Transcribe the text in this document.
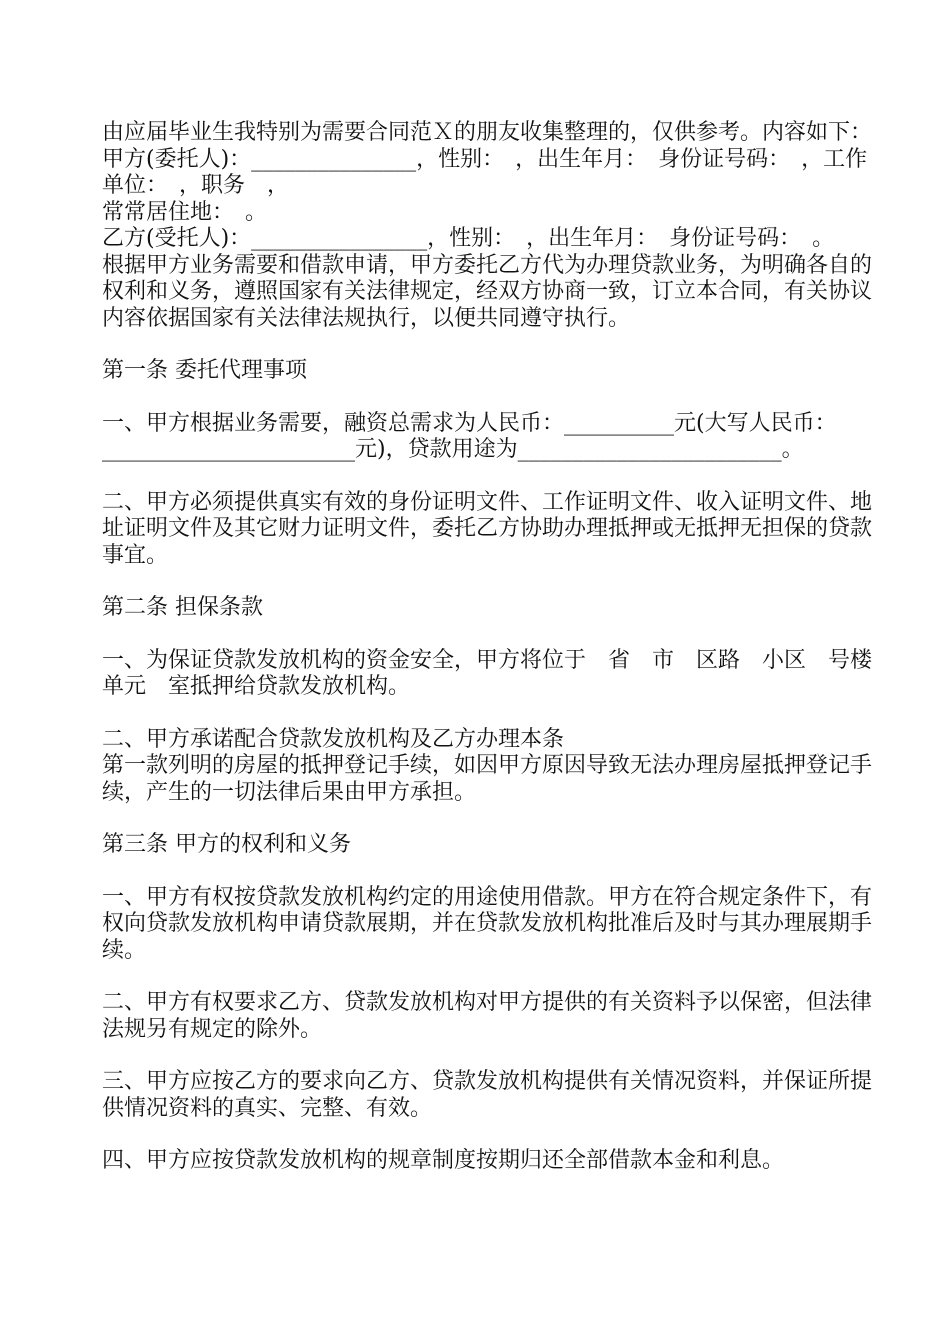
由应届毕业生我特别为需要合同范Ｘ的朋友收集整理的，仅供参考。内容如下：

甲方(委托人)：_______________，性别：　，出生年月：　身份证号码：　，工作单位：　，职务　，

常常居住地：　。

乙方(受托人)：________________，性别：　，出生年月：　身份证号码：　。

根据甲方业务需要和借款申请，甲方委托乙方代为办理贷款业务，为明确各自的权利和义务，遵照国家有关法律规定，经双方协商一致，订立本合同，有关协议内容依据国家有关法律法规执行，以便共同遵守执行。

第一条 委托代理事项

一、甲方根据业务需要，融资总需求为人民币：__________元(大写人民币：_______________________元)，贷款用途为________________________。

二、甲方必须提供真实有效的身份证明文件、工作证明文件、收入证明文件、地址证明文件及其它财力证明文件，委托乙方协助办理抵押或无抵押无担保的贷款事宜。

第二条 担保条款

一、为保证贷款发放机构的资金安全，甲方将位于　省　市　区路　小区　号楼　单元　室抵押给贷款发放机构。

二、甲方承诺配合贷款发放机构及乙方办理本条

第一款列明的房屋的抵押登记手续，如因甲方原因导致无法办理房屋抵押登记手续，产生的一切法律后果由甲方承担。

第三条 甲方的权利和义务

一、甲方有权按贷款发放机构约定的用途使用借款。甲方在符合规定条件下，有权向贷款发放机构申请贷款展期，并在贷款发放机构批准后及时与其办理展期手续。

二、甲方有权要求乙方、贷款发放机构对甲方提供的有关资料予以保密，但法律法规另有规定的除外。

三、甲方应按乙方的要求向乙方、贷款发放机构提供有关情况资料，并保证所提供情况资料的真实、完整、有效。

四、甲方应按贷款发放机构的规章制度按期归还全部借款本金和利息。
